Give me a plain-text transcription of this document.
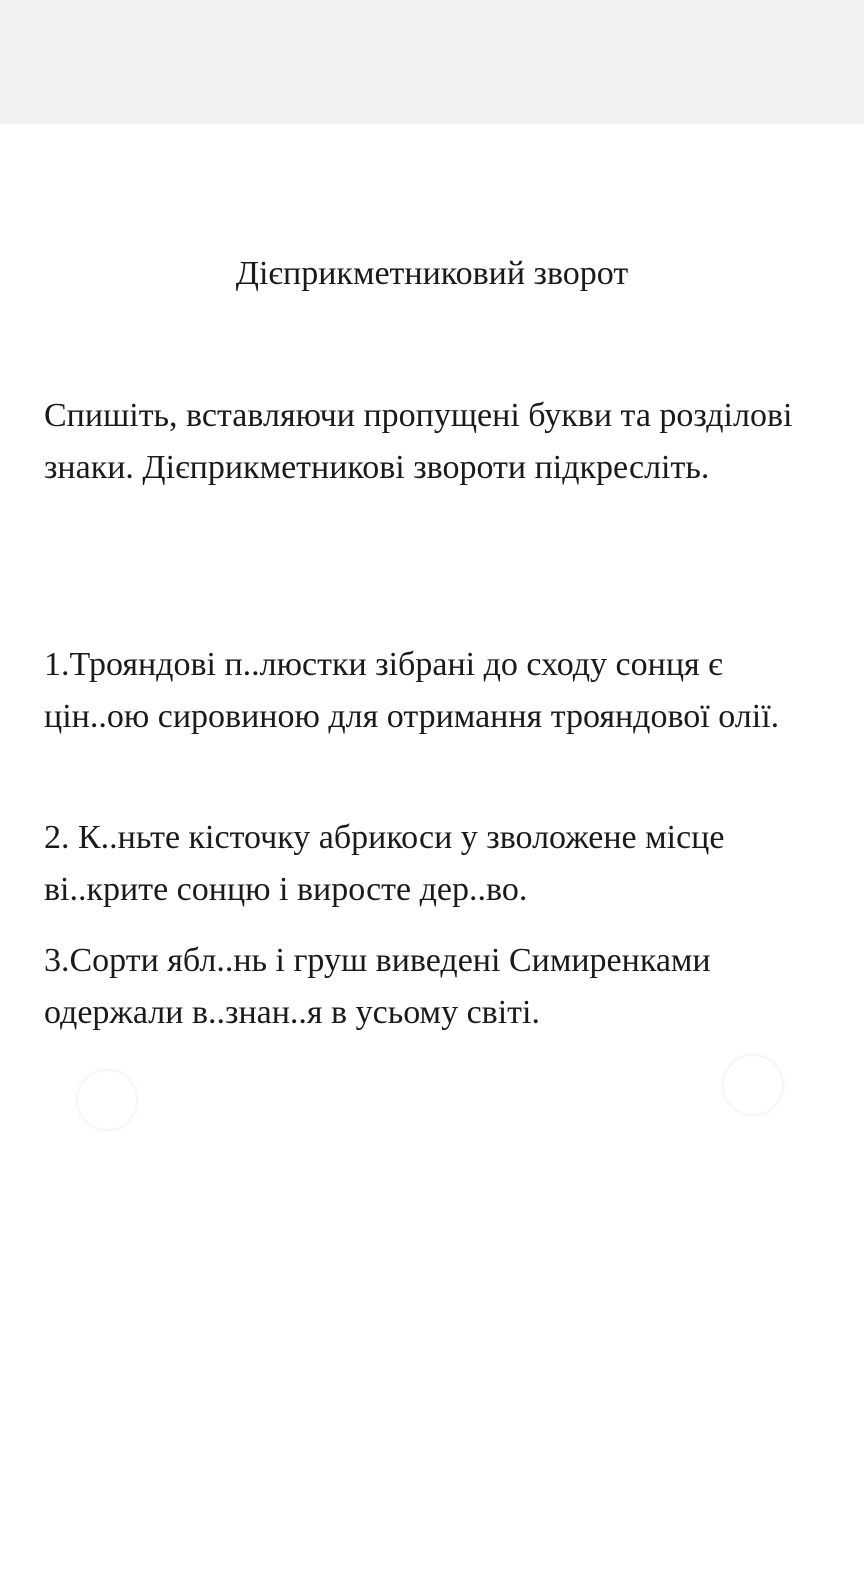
Дієприкметниковий зворот
Спишіть, вставляючи пропущені букви та розділові знаки. Дієприкметникові звороти підкресліть.
1.Трояндові п..люстки зібрані до сходу сонця є цін..ою сировиною для отримання трояндової олії.
2. К..ньте кісточку абрикоси у зволожене місце ві..крите сонцю і виросте дер..во.
3.Сорти ябл..нь і груш виведені Симиренками одержали в..знан..я в усьому світі.
